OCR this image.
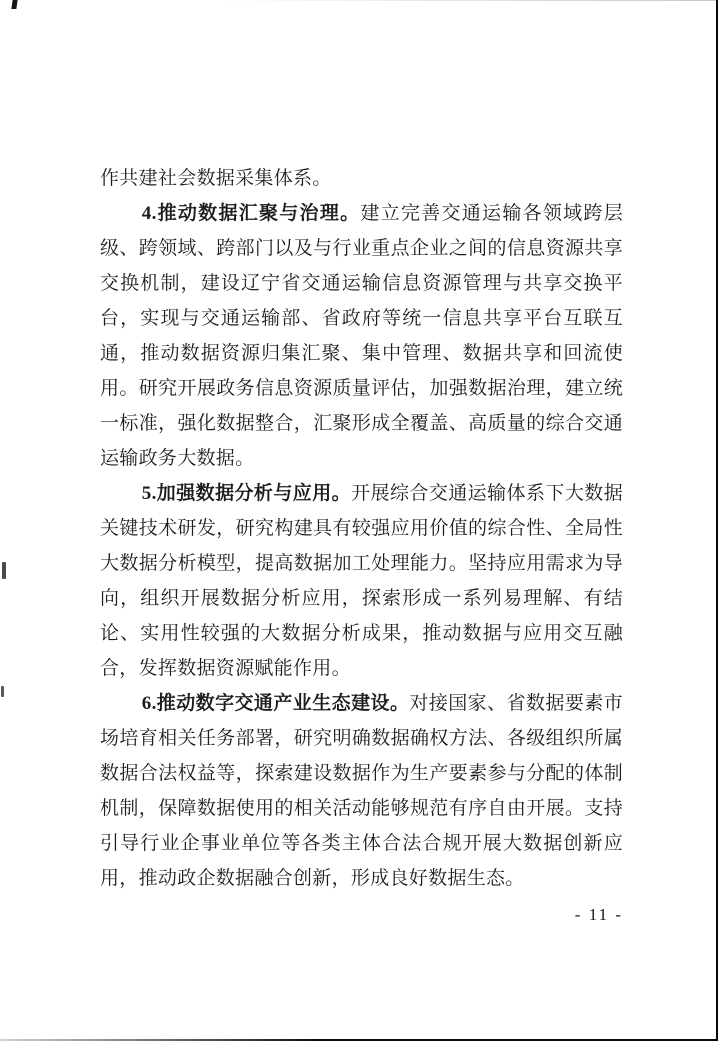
作共建社会数据采集体系。

4.推动数据汇聚与治理。建立完善交通运输各领域跨层级、跨领域、跨部门以及与行业重点企业之间的信息资源共享交换机制，建设辽宁省交通运输信息资源管理与共享交换平台，实现与交通运输部、省政府等统一信息共享平台互联互通，推动数据资源归集汇聚、集中管理、数据共享和回流使用。研究开展政务信息资源质量评估，加强数据治理，建立统一标准，强化数据整合，汇聚形成全覆盖、高质量的综合交通运输政务大数据。

5.加强数据分析与应用。开展综合交通运输体系下大数据关键技术研发，研究构建具有较强应用价值的综合性、全局性大数据分析模型，提高数据加工处理能力。坚持应用需求为导向，组织开展数据分析应用，探索形成一系列易理解、有结论、实用性较强的大数据分析成果，推动数据与应用交互融合，发挥数据资源赋能作用。

6.推动数字交通产业生态建设。对接国家、省数据要素市场培育相关任务部署，研究明确数据确权方法、各级组织所属数据合法权益等，探索建设数据作为生产要素参与分配的体制机制，保障数据使用的相关活动能够规范有序自由开展。支持引导行业企事业单位等各类主体合法合规开展大数据创新应用，推动政企数据融合创新，形成良好数据生态。

- 11 -
